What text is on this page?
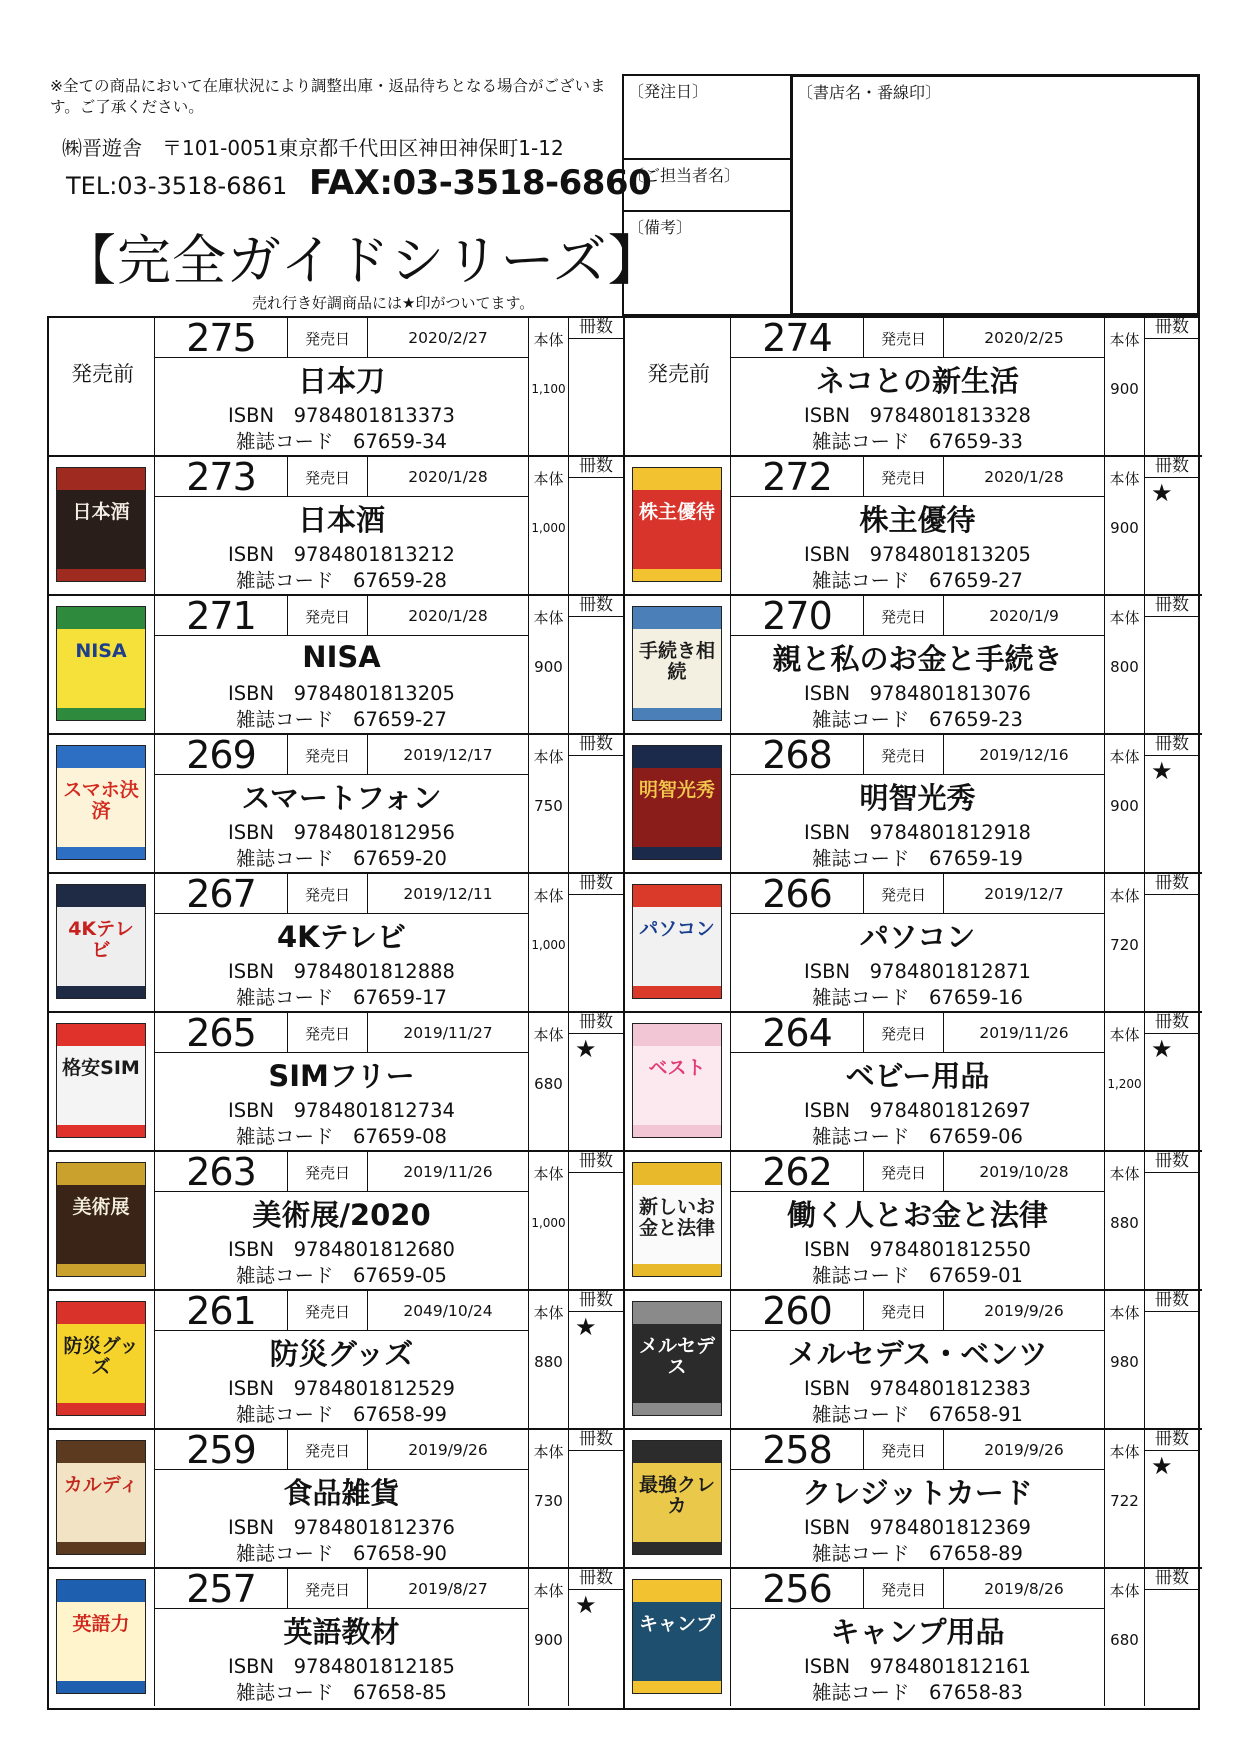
※全ての商品において在庫状況により調整出庫・返品待ちとなる場合がございます。ご了承ください。
㈱晋遊舎　〒101-0051東京都千代田区神田神保町1-12
TEL:03-3518-6861 FAX:03-3518-6860
【完全ガイドシリーズ】
売れ行き好調商品には★印がついてます。
〔発注日〕
〔ご担当者名〕
〔備考〕
〔書店名・番線印〕
発売前
275	発売日	2020/2/27
日本刀
ISBN　9784801813373
雑誌コード　67659-34
本体
1,100
冊数
発売前
274	発売日	2020/2/25
ネコとの新生活
ISBN　9784801813328
雑誌コード　67659-33
本体
900
冊数
日本酒
273	発売日	2020/1/28
日本酒
ISBN　9784801813212
雑誌コード　67659-28
本体
1,000
冊数
株主優待
272	発売日	2020/1/28
株主優待
ISBN　9784801813205
雑誌コード　67659-27
本体
900
冊数
★
NISA
271	発売日	2020/1/28
NISA
ISBN　9784801813205
雑誌コード　67659-27
本体
900
冊数
手続き相続
270	発売日	2020/1/9
親と私のお金と手続き
ISBN　9784801813076
雑誌コード　67659-23
本体
800
冊数
スマホ決済
269	発売日	2019/12/17
スマートフォン
ISBN　9784801812956
雑誌コード　67659-20
本体
750
冊数
明智光秀
268	発売日	2019/12/16
明智光秀
ISBN　9784801812918
雑誌コード　67659-19
本体
900
冊数
★
4Kテレビ
267	発売日	2019/12/11
4Kテレビ
ISBN　9784801812888
雑誌コード　67659-17
本体
1,000
冊数
パソコン
266	発売日	2019/12/7
パソコン
ISBN　9784801812871
雑誌コード　67659-16
本体
720
冊数
格安SIM
265	発売日	2019/11/27
SIMフリー
ISBN　9784801812734
雑誌コード　67659-08
本体
680
冊数
★
ベスト
264	発売日	2019/11/26
ベビー用品
ISBN　9784801812697
雑誌コード　67659-06
本体
1,200
冊数
★
美術展
263	発売日	2019/11/26
美術展/2020
ISBN　9784801812680
雑誌コード　67659-05
本体
1,000
冊数
新しいお金と法律
262	発売日	2019/10/28
働く人とお金と法律
ISBN　9784801812550
雑誌コード　67659-01
本体
880
冊数
防災グッズ
261	発売日	2049/10/24
防災グッズ
ISBN　9784801812529
雑誌コード　67658-99
本体
880
冊数
★
メルセデス
260	発売日	2019/9/26
メルセデス・ベンツ
ISBN　9784801812383
雑誌コード　67658-91
本体
980
冊数
カルディ
259	発売日	2019/9/26
食品雑貨
ISBN　9784801812376
雑誌コード　67658-90
本体
730
冊数
最強クレカ
258	発売日	2019/9/26
クレジットカード
ISBN　9784801812369
雑誌コード　67658-89
本体
722
冊数
★
英語力
257	発売日	2019/8/27
英語教材
ISBN　9784801812185
雑誌コード　67658-85
本体
900
冊数
★
キャンプ
256	発売日	2019/8/26
キャンプ用品
ISBN　9784801812161
雑誌コード　67658-83
本体
680
冊数
